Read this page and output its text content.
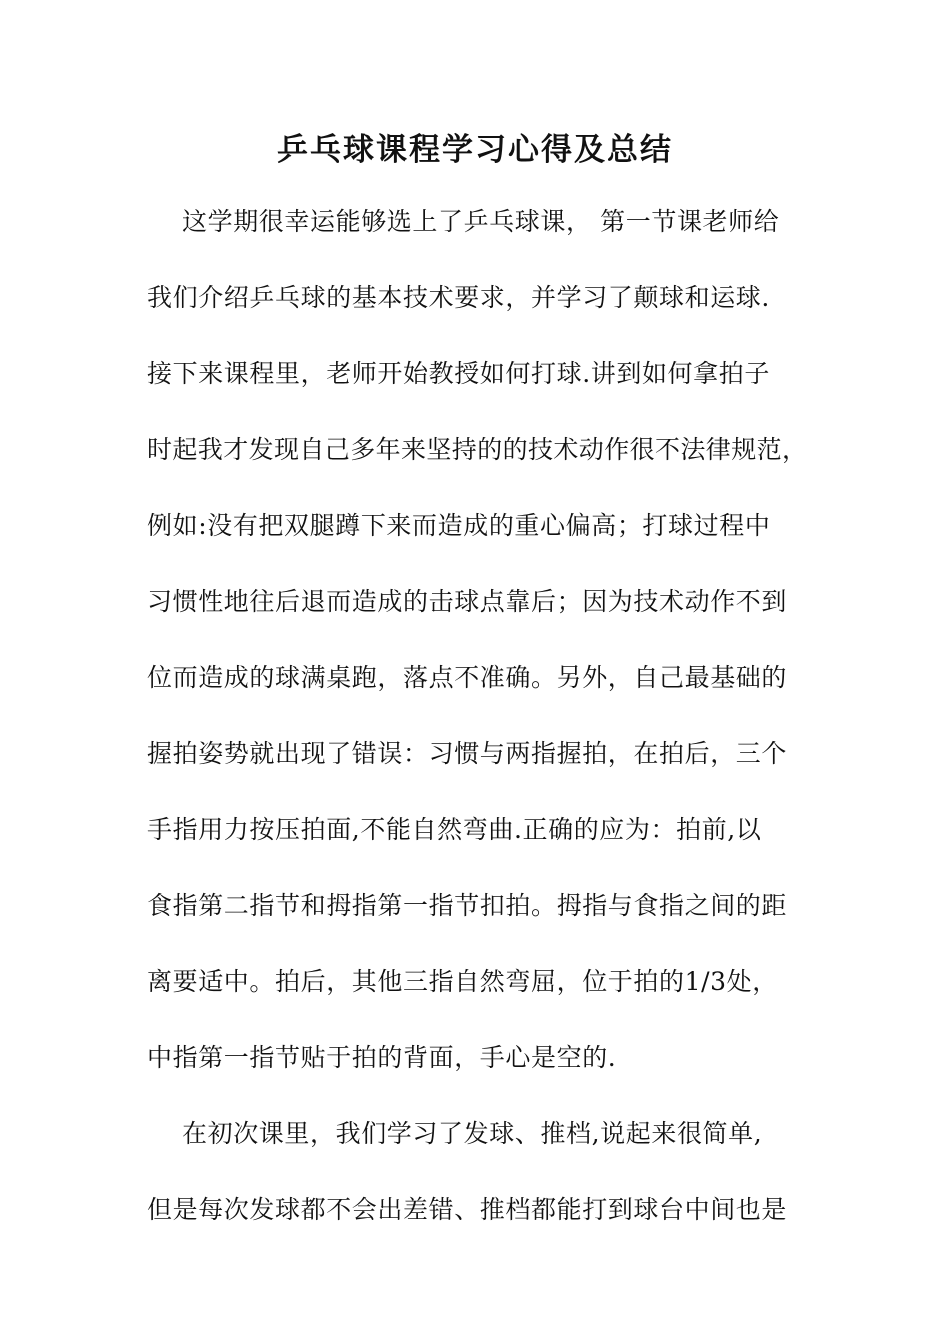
乒乓球课程学习心得及总结
这学期很幸运能够选上了乒乓球课， 第一节课老师给
我们介绍乒乓球的基本技术要求，并学习了颠球和运球.
接下来课程里，老师开始教授如何打球.讲到如何拿拍子
时起我才发现自己多年来坚持的的技术动作很不法律规范，
例如:没有把双腿蹲下来而造成的重心偏高；打球过程中
习惯性地往后退而造成的击球点靠后；因为技术动作不到
位而造成的球满桌跑，落点不准确。另外，自己最基础的
握拍姿势就出现了错误：习惯与两指握拍，在拍后，三个
手指用力按压拍面,不能自然弯曲.正确的应为：拍前,以
食指第二指节和拇指第一指节扣拍。拇指与食指之间的距
离要适中。拍后，其他三指自然弯屈，位于拍的1/3处，
中指第一指节贴于拍的背面，手心是空的.
在初次课里，我们学习了发球、推档,说起来很简单,
但是每次发球都不会出差错、推档都能打到球台中间也是
